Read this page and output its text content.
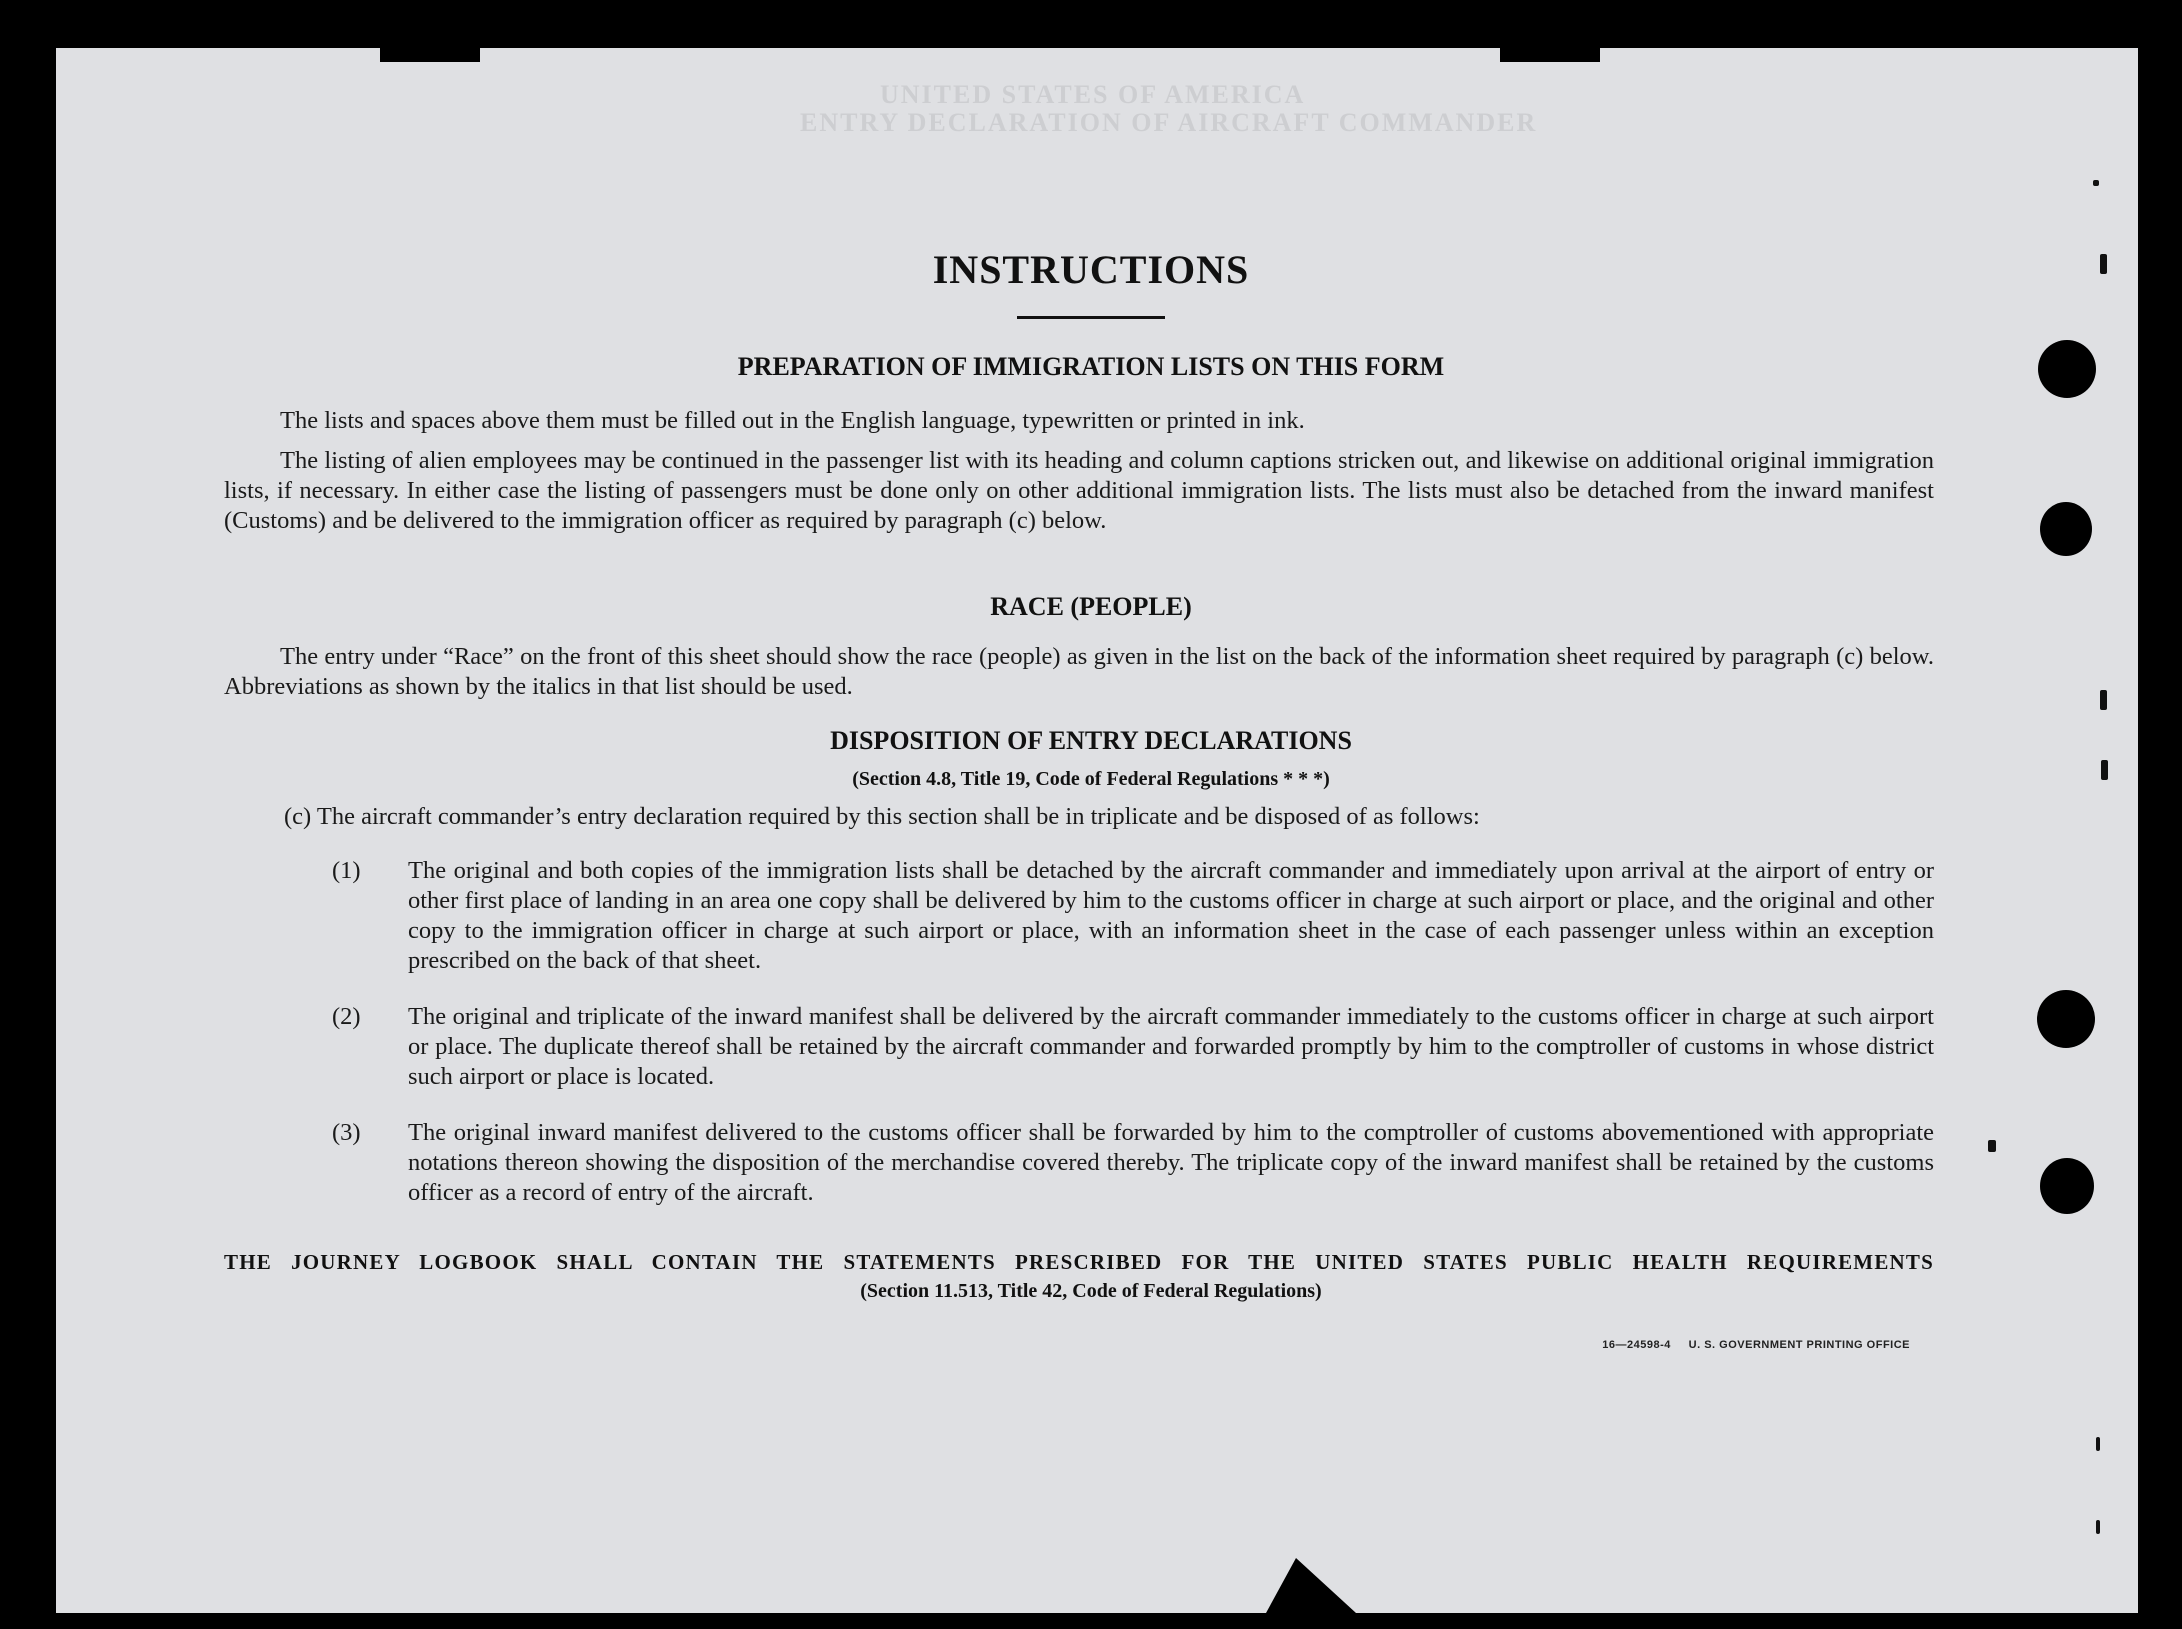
UNITED STATES OF AMERICA
ENTRY DECLARATION OF AIRCRAFT COMMANDER
INSTRUCTIONS
PREPARATION OF IMMIGRATION LISTS ON THIS FORM
The lists and spaces above them must be filled out in the English language, typewritten or printed in ink.
The listing of alien employees may be continued in the passenger list with its heading and column captions stricken out, and likewise on additional original immigration lists, if necessary. In either case the listing of passengers must be done only on other additional immigration lists. The lists must also be detached from the inward manifest (Customs) and be delivered to the immigration officer as required by paragraph (c) below.
RACE (PEOPLE)
The entry under “Race” on the front of this sheet should show the race (people) as given in the list on the back of the information sheet required by paragraph (c) below. Abbreviations as shown by the italics in that list should be used.
DISPOSITION OF ENTRY DECLARATIONS
(Section 4.8, Title 19, Code of Federal Regulations * * *)
(c) The aircraft commander’s entry declaration required by this section shall be in triplicate and be disposed of as follows:
(1) The original and both copies of the immigration lists shall be detached by the aircraft commander and immediately upon arrival at the airport of entry or other first place of landing in an area one copy shall be delivered by him to the customs officer in charge at such airport or place, and the original and other copy to the immigration officer in charge at such airport or place, with an information sheet in the case of each passenger unless within an exception prescribed on the back of that sheet.
(2) The original and triplicate of the inward manifest shall be delivered by the aircraft commander immediately to the customs officer in charge at such airport or place. The duplicate thereof shall be retained by the aircraft commander and forwarded promptly by him to the comptroller of customs in whose district such airport or place is located.
(3) The original inward manifest delivered to the customs officer shall be forwarded by him to the comptroller of customs abovementioned with appropriate notations thereon showing the disposition of the merchandise covered thereby. The triplicate copy of the inward manifest shall be retained by the customs officer as a record of entry of the aircraft.
THE JOURNEY LOGBOOK SHALL CONTAIN THE STATEMENTS PRESCRIBED FOR THE UNITED STATES PUBLIC HEALTH REQUIREMENTS
(Section 11.513, Title 42, Code of Federal Regulations)
16—24598-4 U. S. GOVERNMENT PRINTING OFFICE
